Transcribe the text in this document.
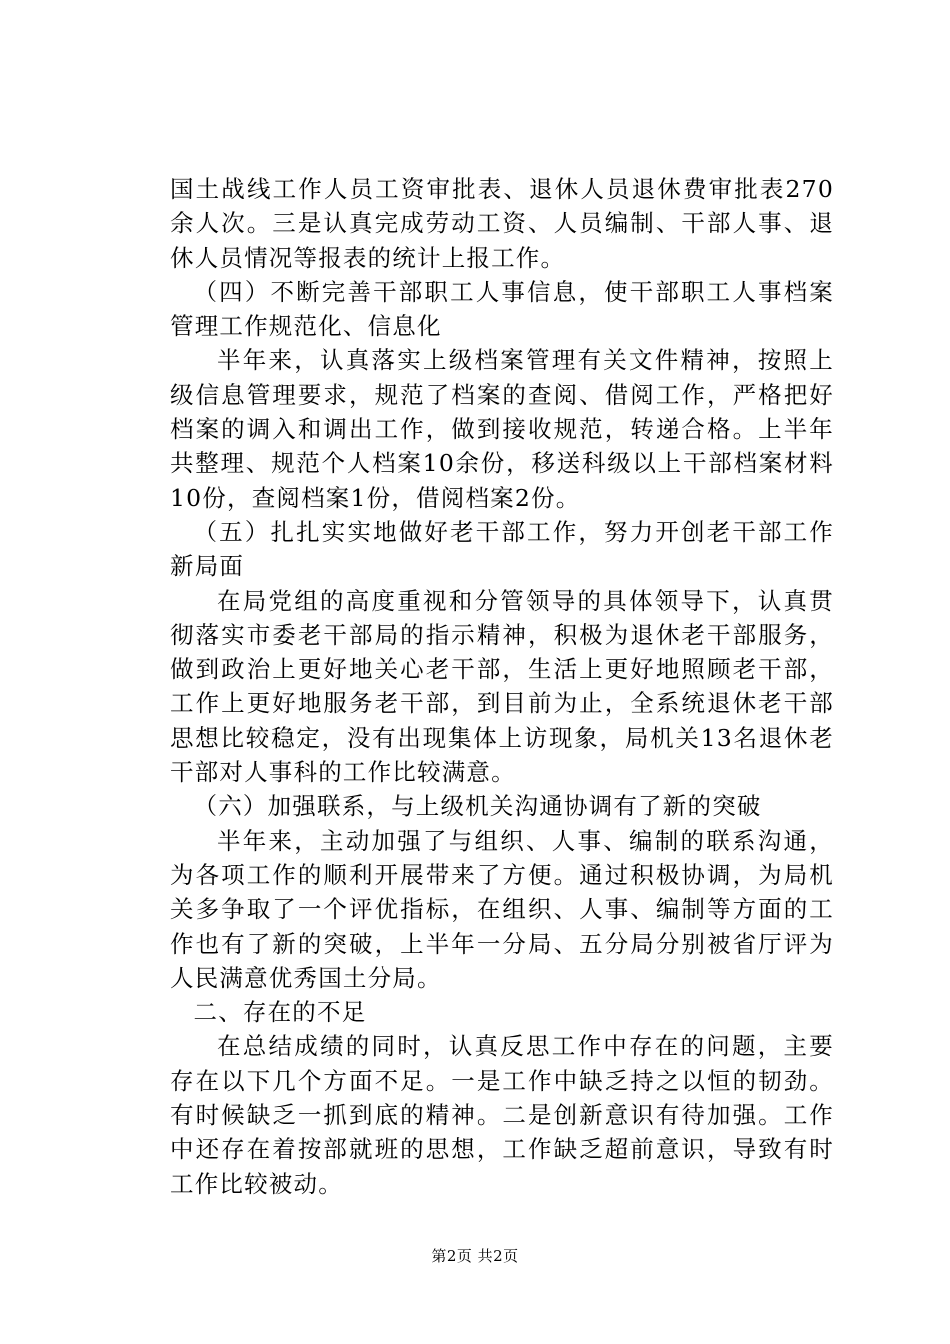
国土战线工作人员工资审批表、退休人员退休费审批表270余人次。三是认真完成劳动工资、人员编制、干部人事、退休人员情况等报表的统计上报工作。

（四）不断完善干部职工人事信息，使干部职工人事档案管理工作规范化、信息化

半年来，认真落实上级档案管理有关文件精神，按照上级信息管理要求，规范了档案的查阅、借阅工作，严格把好档案的调入和调出工作，做到接收规范，转递合格。上半年共整理、规范个人档案10余份，移送科级以上干部档案材料10份，查阅档案1份，借阅档案2份。

（五）扎扎实实地做好老干部工作，努力开创老干部工作新局面

在局党组的高度重视和分管领导的具体领导下，认真贯彻落实市委老干部局的指示精神，积极为退休老干部服务，做到政治上更好地关心老干部，生活上更好地照顾老干部，工作上更好地服务老干部，到目前为止，全系统退休老干部思想比较稳定，没有出现集体上访现象，局机关13名退休老干部对人事科的工作比较满意。

（六）加强联系，与上级机关沟通协调有了新的突破

半年来，主动加强了与组织、人事、编制的联系沟通，为各项工作的顺利开展带来了方便。通过积极协调，为局机关多争取了一个评优指标，在组织、人事、编制等方面的工作也有了新的突破，上半年一分局、五分局分别被省厅评为人民满意优秀国土分局。

二、存在的不足

在总结成绩的同时，认真反思工作中存在的问题，主要存在以下几个方面不足。一是工作中缺乏持之以恒的韧劲。有时候缺乏一抓到底的精神。二是创新意识有待加强。工作中还存在着按部就班的思想，工作缺乏超前意识，导致有时工作比较被动。

第2页 共2页
